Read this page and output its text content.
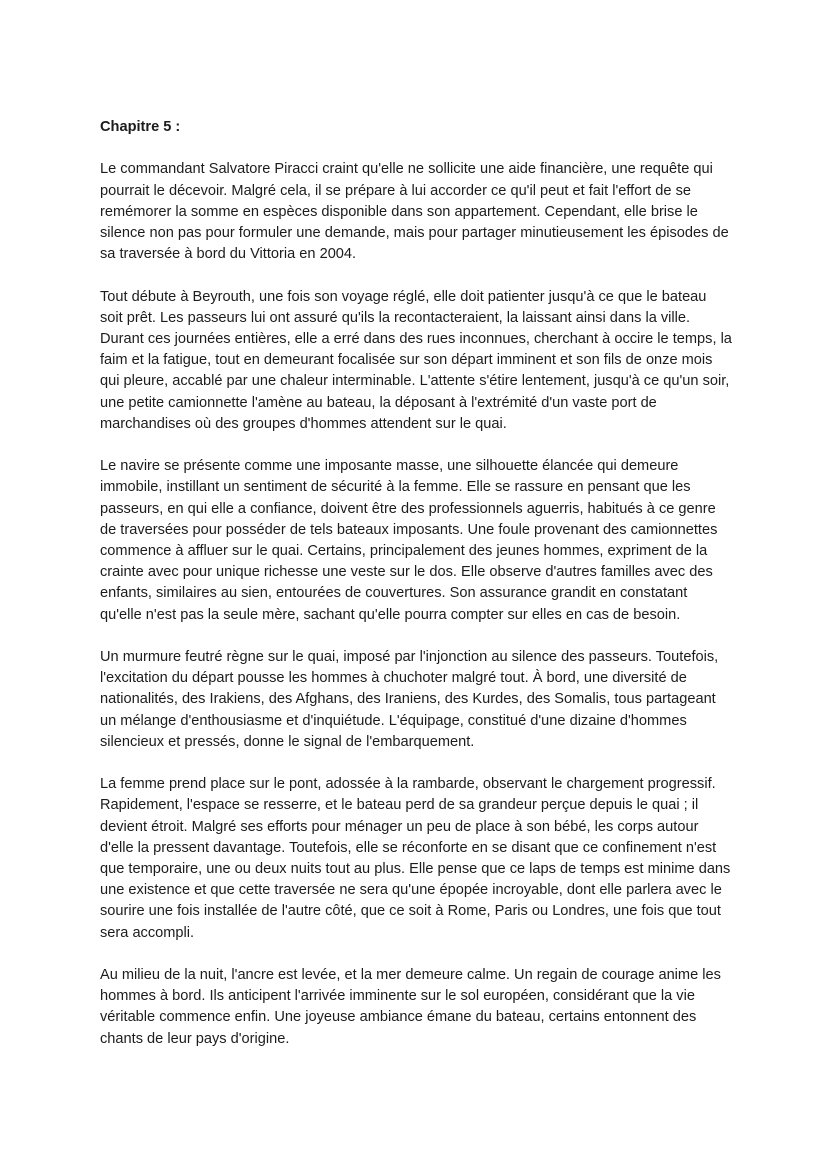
Chapitre 5 :

Le commandant Salvatore Piracci craint qu'elle ne sollicite une aide financière, une requête qui pourrait le décevoir. Malgré cela, il se prépare à lui accorder ce qu'il peut et fait l'effort de se remémorer la somme en espèces disponible dans son appartement. Cependant, elle brise le silence non pas pour formuler une demande, mais pour partager minutieusement les épisodes de sa traversée à bord du Vittoria en 2004.

Tout débute à Beyrouth, une fois son voyage réglé, elle doit patienter jusqu'à ce que le bateau soit prêt. Les passeurs lui ont assuré qu'ils la recontacteraient, la laissant ainsi dans la ville. Durant ces journées entières, elle a erré dans des rues inconnues, cherchant à occire le temps, la faim et la fatigue, tout en demeurant focalisée sur son départ imminent et son fils de onze mois qui pleure, accablé par une chaleur interminable. L'attente s'étire lentement, jusqu'à ce qu'un soir, une petite camionnette l'amène au bateau, la déposant à l'extrémité d'un vaste port de marchandises où des groupes d'hommes attendent sur le quai.

Le navire se présente comme une imposante masse, une silhouette élancée qui demeure immobile, instillant un sentiment de sécurité à la femme. Elle se rassure en pensant que les passeurs, en qui elle a confiance, doivent être des professionnels aguerris, habitués à ce genre de traversées pour posséder de tels bateaux imposants. Une foule provenant des camionnettes commence à affluer sur le quai. Certains, principalement des jeunes hommes, expriment de la crainte avec pour unique richesse une veste sur le dos. Elle observe d'autres familles avec des enfants, similaires au sien, entourées de couvertures. Son assurance grandit en constatant qu'elle n'est pas la seule mère, sachant qu'elle pourra compter sur elles en cas de besoin.

Un murmure feutré règne sur le quai, imposé par l'injonction au silence des passeurs. Toutefois, l'excitation du départ pousse les hommes à chuchoter malgré tout. À bord, une diversité de nationalités, des Irakiens, des Afghans, des Iraniens, des Kurdes, des Somalis, tous partageant un mélange d'enthousiasme et d'inquiétude. L'équipage, constitué d'une dizaine d'hommes silencieux et pressés, donne le signal de l'embarquement.

La femme prend place sur le pont, adossée à la rambarde, observant le chargement progressif. Rapidement, l'espace se resserre, et le bateau perd de sa grandeur perçue depuis le quai ; il devient étroit. Malgré ses efforts pour ménager un peu de place à son bébé, les corps autour d'elle la pressent davantage. Toutefois, elle se réconforte en se disant que ce confinement n'est que temporaire, une ou deux nuits tout au plus. Elle pense que ce laps de temps est minime dans une existence et que cette traversée ne sera qu'une épopée incroyable, dont elle parlera avec le sourire une fois installée de l'autre côté, que ce soit à Rome, Paris ou Londres, une fois que tout sera accompli.

Au milieu de la nuit, l'ancre est levée, et la mer demeure calme. Un regain de courage anime les hommes à bord. Ils anticipent l'arrivée imminente sur le sol européen, considérant que la vie véritable commence enfin. Une joyeuse ambiance émane du bateau, certains entonnent des chants de leur pays d'origine.
